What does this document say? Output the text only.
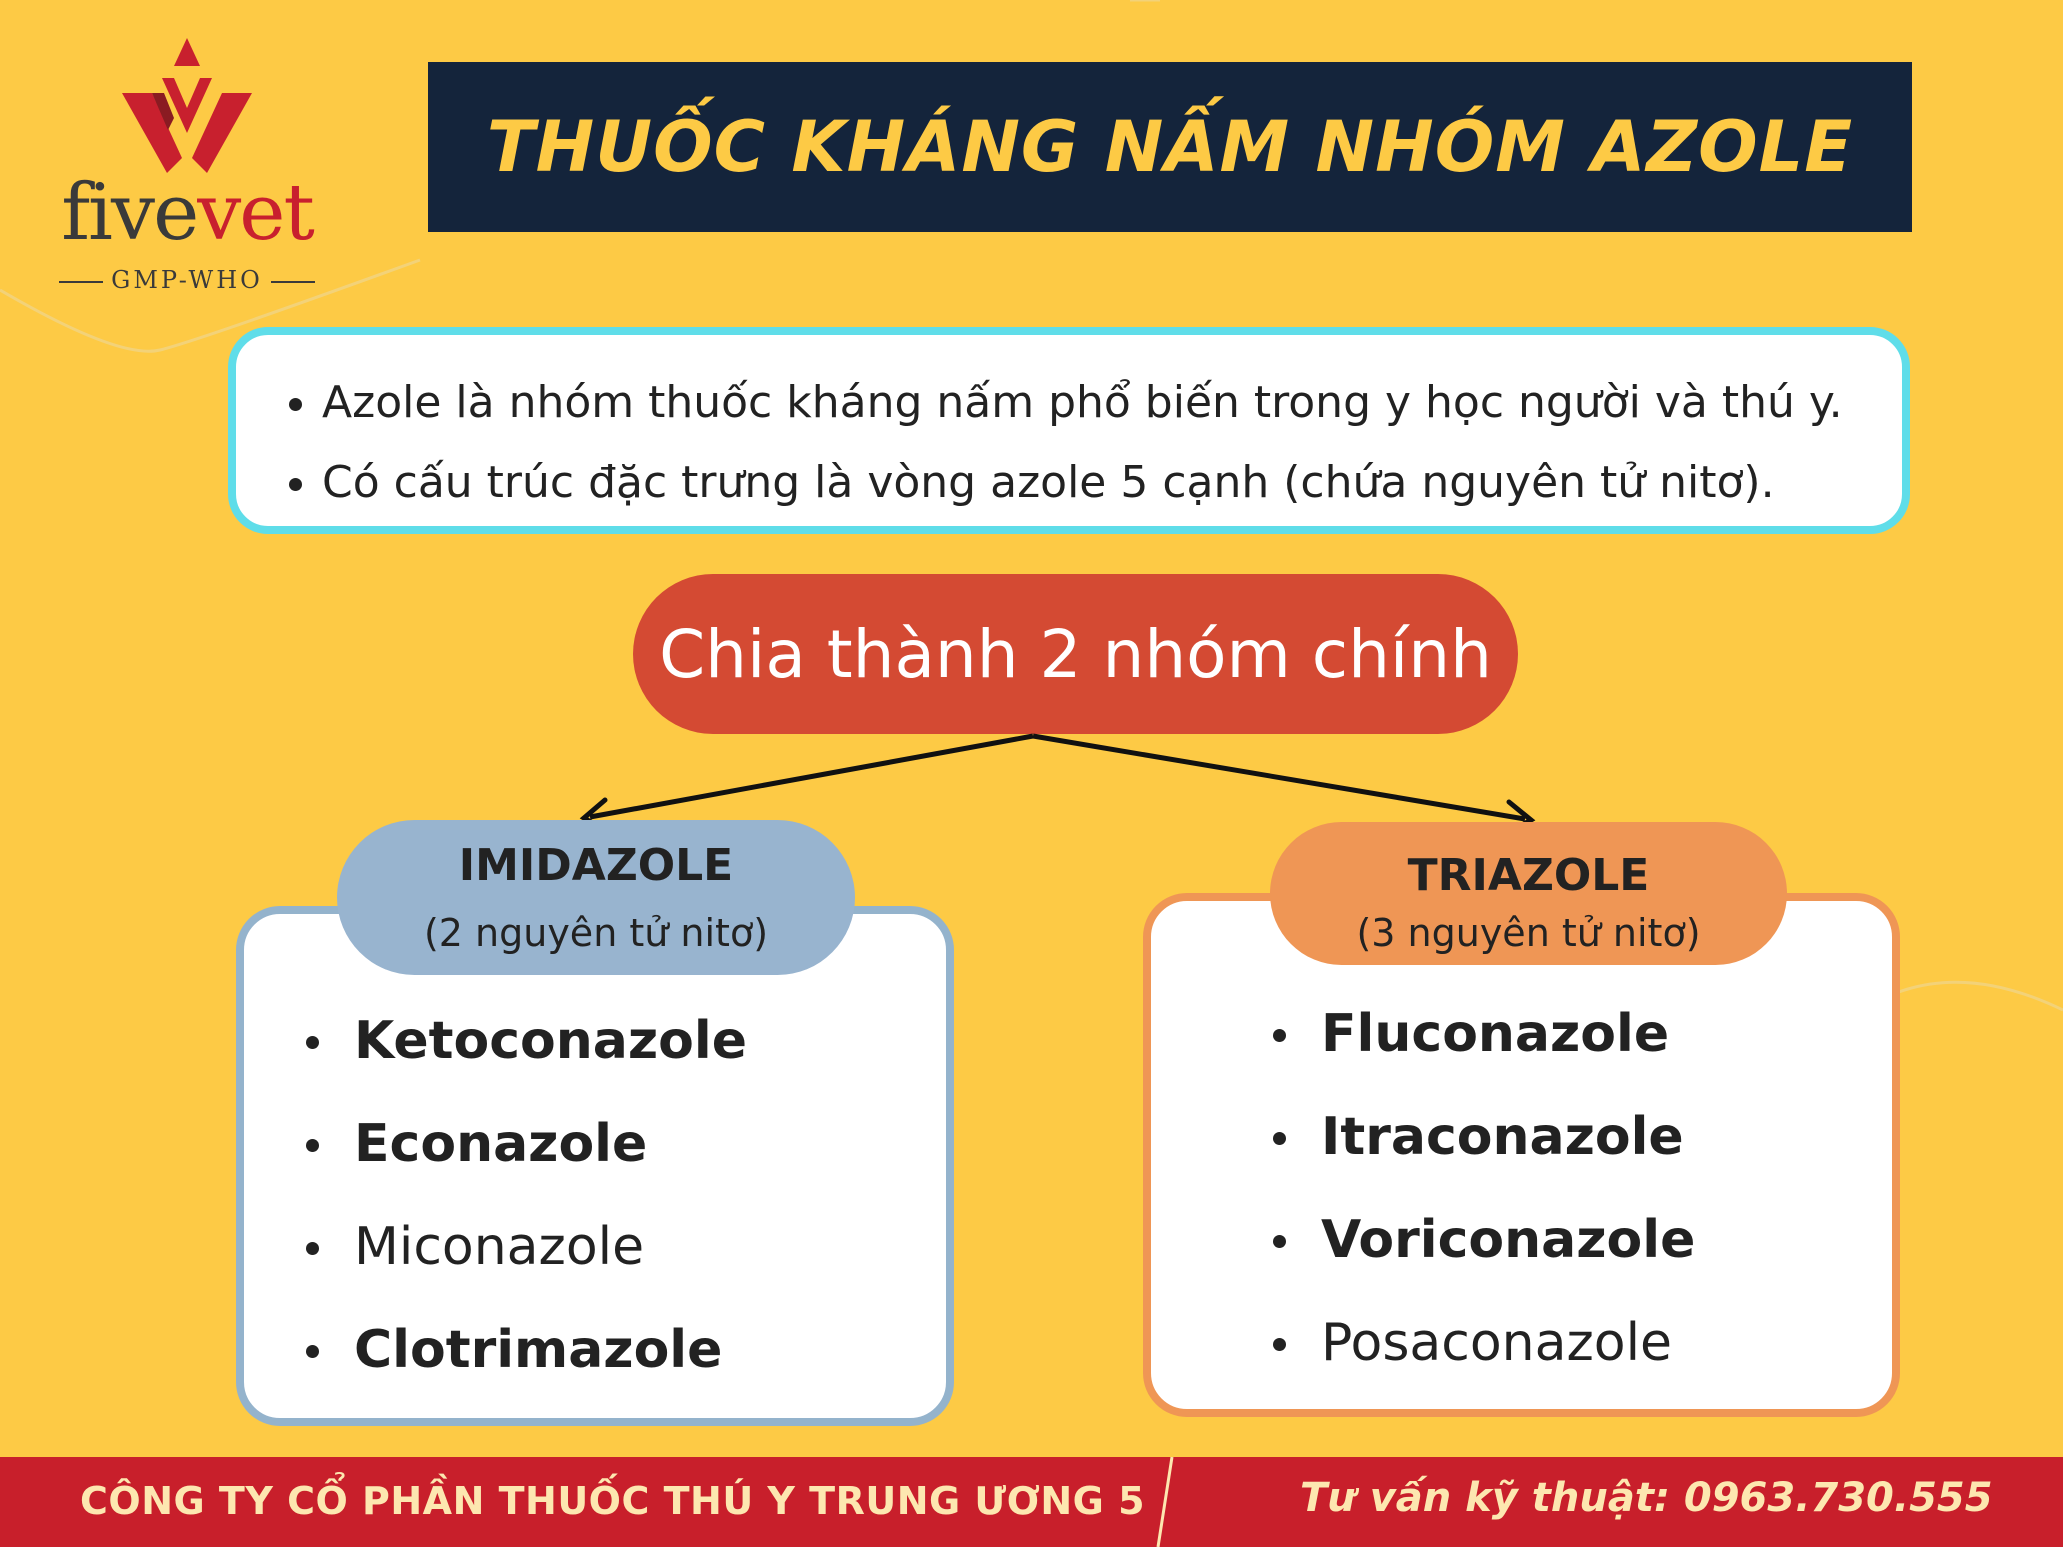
fivevet
GMP-WHO
THUỐC KHÁNG NẤM NHÓM AZOLE
• Azole là nhóm thuốc kháng nấm phổ biến trong y học người và thú y.
• Có cấu trúc đặc trưng là vòng azole 5 cạnh (chứa nguyên tử nitơ).
Chia thành 2 nhóm chính
Ketoconazole
Econazole
Miconazole
Clotrimazole
IMIDAZOLE
(2 nguyên tử nitơ)
Fluconazole
Itraconazole
Voriconazole
Posaconazole
TRIAZOLE
(3 nguyên tử nitơ)
CÔNG TY CỔ PHẦN THUỐC THÚ Y TRUNG ƯƠNG 5	Tư vấn kỹ thuật: 0963.730.555
